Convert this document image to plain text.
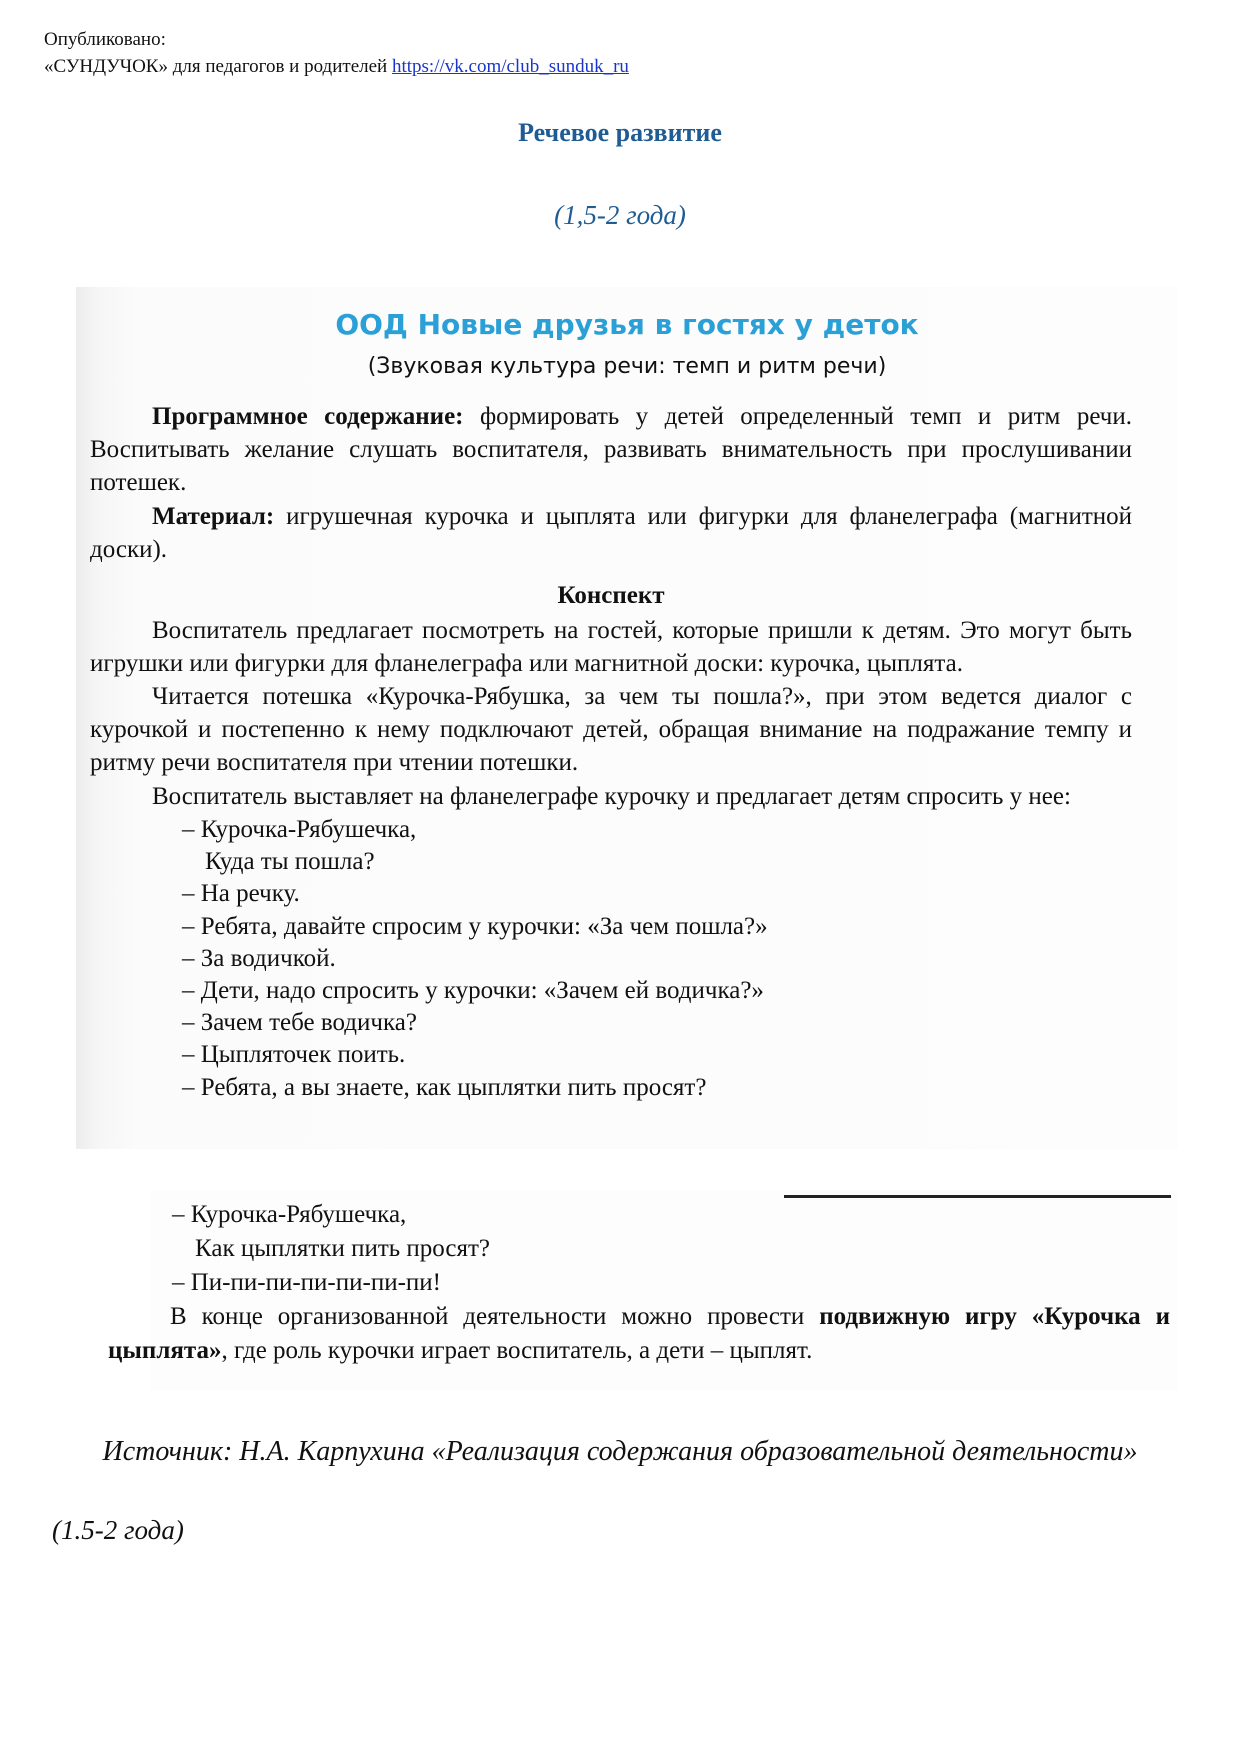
Опубликовано:
«СУНДУЧОК» для педагогов и родителей https://vk.com/club_sunduk_ru
Речевое развитие
(1,5-2 года)
ООД Новые друзья в гостях у деток
(Звуковая культура речи: темп и ритм речи)
Программное содержание: формировать у детей определенный темп и ритм речи. Воспитывать желание слушать воспитателя, развивать внимательность при прослушивании потешек.
Материал: игрушечная курочка и цыплята или фигурки для фланелеграфа (магнитной доски).
Конспект
Воспитатель предлагает посмотреть на гостей, которые пришли к детям. Это могут быть игрушки или фигурки для фланелеграфа или магнитной доски: курочка, цыплята.
Читается потешка «Курочка-Рябушка, за чем ты пошла?», при этом ведется диалог с курочкой и постепенно к нему подключают детей, обращая внимание на подражание темпу и ритму речи воспитателя при чтении потешки.
Воспитатель выставляет на фланелеграфе курочку и предлагает детям спросить у нее:
– Курочка-Рябушечка,
Куда ты пошла?
– На речку.
– Ребята, давайте спросим у курочки: «За чем пошла?»
– За водичкой.
– Дети, надо спросить у курочки: «Зачем ей водичка?»
– Зачем тебе водичка?
– Цыпляточек поить.
– Ребята, а вы знаете, как цыплятки пить просят?
– Курочка-Рябушечка,
Как цыплятки пить просят?
– Пи-пи-пи-пи-пи-пи-пи!
В конце организованной деятельности можно провести подвижную игру «Курочка и цыплята», где роль курочки играет воспитатель, а дети – цыплят.
Источник: Н.А. Карпухина «Реализация содержания образовательной деятельности»
(1.5-2 года)
